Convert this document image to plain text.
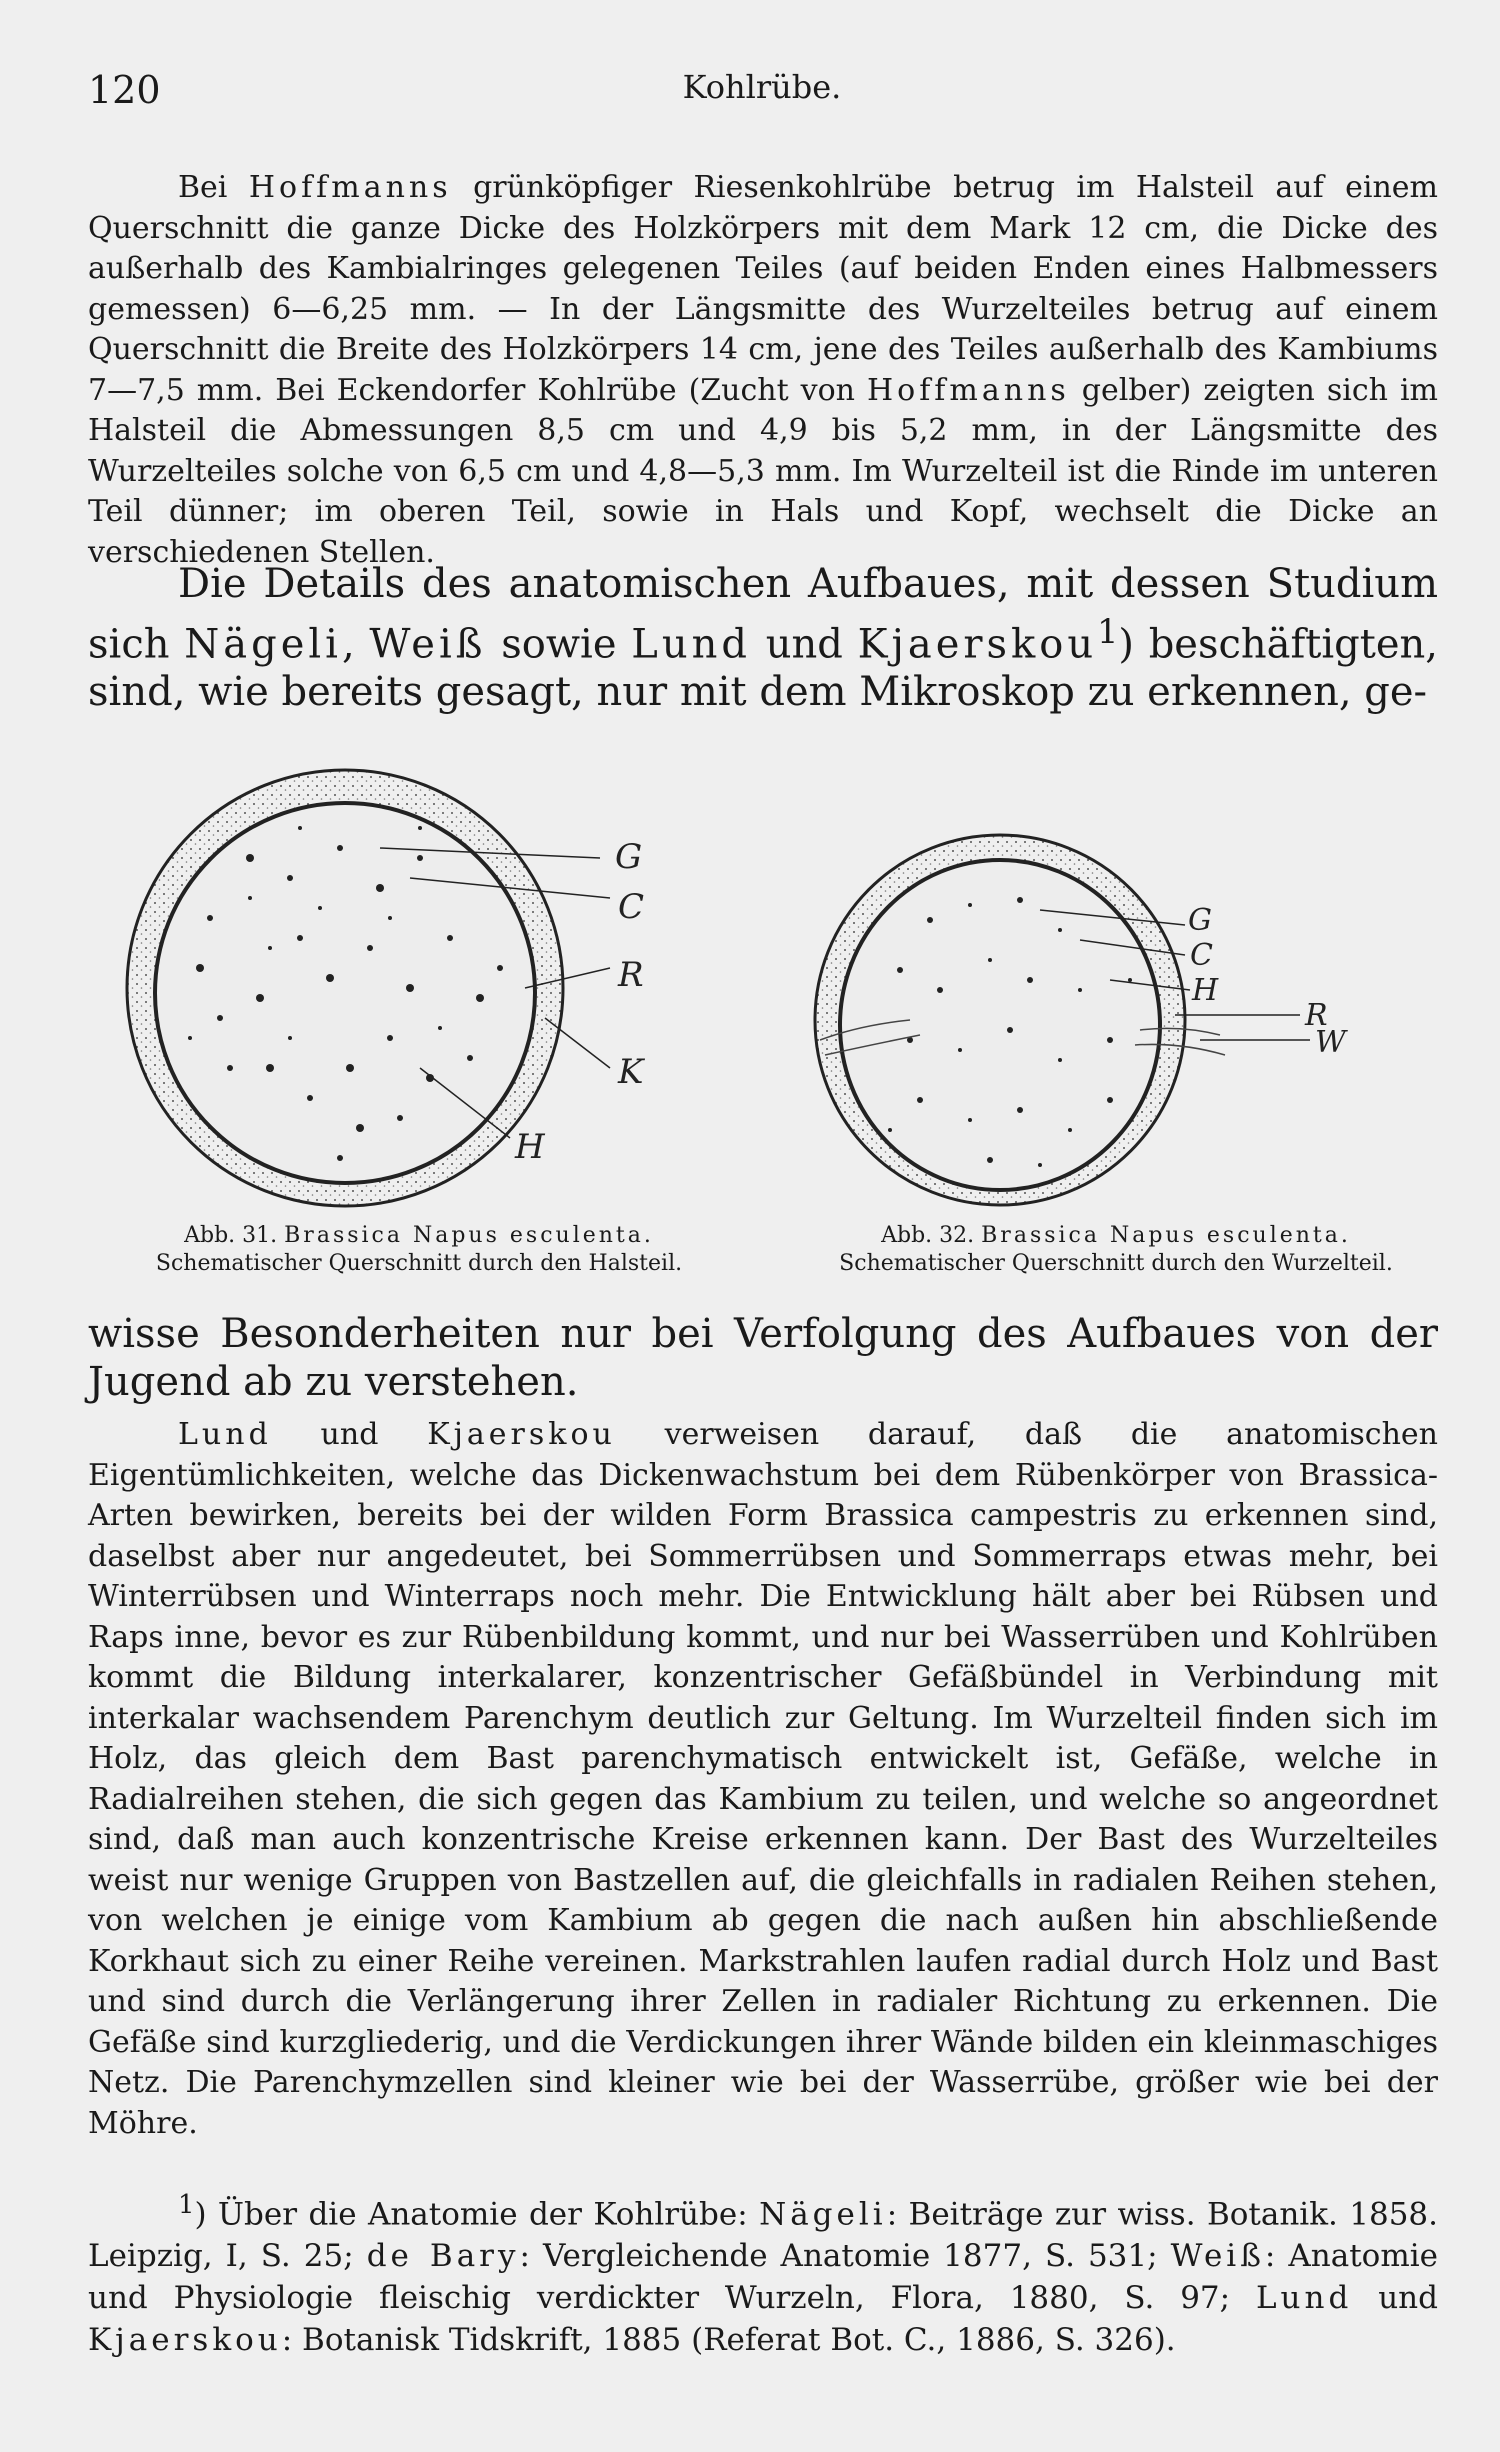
120	Kohlrübe.

Bei Hoffmanns grünköpfiger Riesenkohlrübe betrug im Halsteil auf einem Querschnitt die ganze Dicke des Holzkörpers mit dem Mark 12 cm, die Dicke des außerhalb des Kambialringes gelegenen Teiles (auf beiden Enden eines Halbmessers gemessen) 6—6,25 mm. — In der Längsmitte des Wurzelteiles betrug auf einem Querschnitt die Breite des Holzkörpers 14 cm, jene des Teiles außerhalb des Kambiums 7—7,5 mm. Bei Eckendorfer Kohlrübe (Zucht von Hoffmanns gelber) zeigten sich im Halsteil die Abmessungen 8,5 cm und 4,9 bis 5,2 mm, in der Längsmitte des Wurzelteiles solche von 6,5 cm und 4,8—5,3 mm. Im Wurzelteil ist die Rinde im unteren Teil dünner; im oberen Teil, sowie in Hals und Kopf, wechselt die Dicke an verschiedenen Stellen.

Die Details des anatomischen Aufbaues, mit dessen Studium sich Nägeli, Weiß sowie Lund und Kjaerskou$^1$) beschäftigten, sind, wie bereits gesagt, nur mit dem Mikroskop zu erkennen, ge-

G
C
R
K
H
G
C
H
R
W
Abb. 31. Brassica Napus esculenta.
Schematischer Querschnitt durch den Halsteil.
Abb. 32. Brassica Napus esculenta.
Schematischer Querschnitt durch den Wurzelteil.

wisse Besonderheiten nur bei Verfolgung des Aufbaues von der Jugend ab zu verstehen.

Lund und Kjaerskou verweisen darauf, daß die anatomischen Eigentümlichkeiten, welche das Dickenwachstum bei dem Rübenkörper von Brassica-Arten bewirken, bereits bei der wilden Form Brassica campestris zu erkennen sind, daselbst aber nur angedeutet, bei Sommerrübsen und Sommerraps etwas mehr, bei Winterrübsen und Winterraps noch mehr. Die Entwicklung hält aber bei Rübsen und Raps inne, bevor es zur Rübenbildung kommt, und nur bei Wasserrüben und Kohlrüben kommt die Bildung interkalarer, konzentrischer Gefäßbündel in Verbindung mit interkalar wachsendem Parenchym deutlich zur Geltung. Im Wurzelteil finden sich im Holz, das gleich dem Bast parenchymatisch entwickelt ist, Gefäße, welche in Radialreihen stehen, die sich gegen das Kambium zu teilen, und welche so angeordnet sind, daß man auch konzentrische Kreise erkennen kann. Der Bast des Wurzelteiles weist nur wenige Gruppen von Bastzellen auf, die gleichfalls in radialen Reihen stehen, von welchen je einige vom Kambium ab gegen die nach außen hin abschließende Korkhaut sich zu einer Reihe vereinen. Markstrahlen laufen radial durch Holz und Bast und sind durch die Verlängerung ihrer Zellen in radialer Richtung zu erkennen. Die Gefäße sind kurzgliederig, und die Verdickungen ihrer Wände bilden ein kleinmaschiges Netz. Die Parenchymzellen sind kleiner wie bei der Wasserrübe, größer wie bei der Möhre.

$^1$) Über die Anatomie der Kohlrübe: Nägeli: Beiträge zur wiss. Botanik. 1858. Leipzig, I, S. 25; de Bary: Vergleichende Anatomie 1877, S. 531; Weiß: Anatomie und Physiologie fleischig verdickter Wurzeln, Flora, 1880, S. 97; Lund und Kjaerskou: Botanisk Tidskrift, 1885 (Referat Bot. C., 1886, S. 326).
